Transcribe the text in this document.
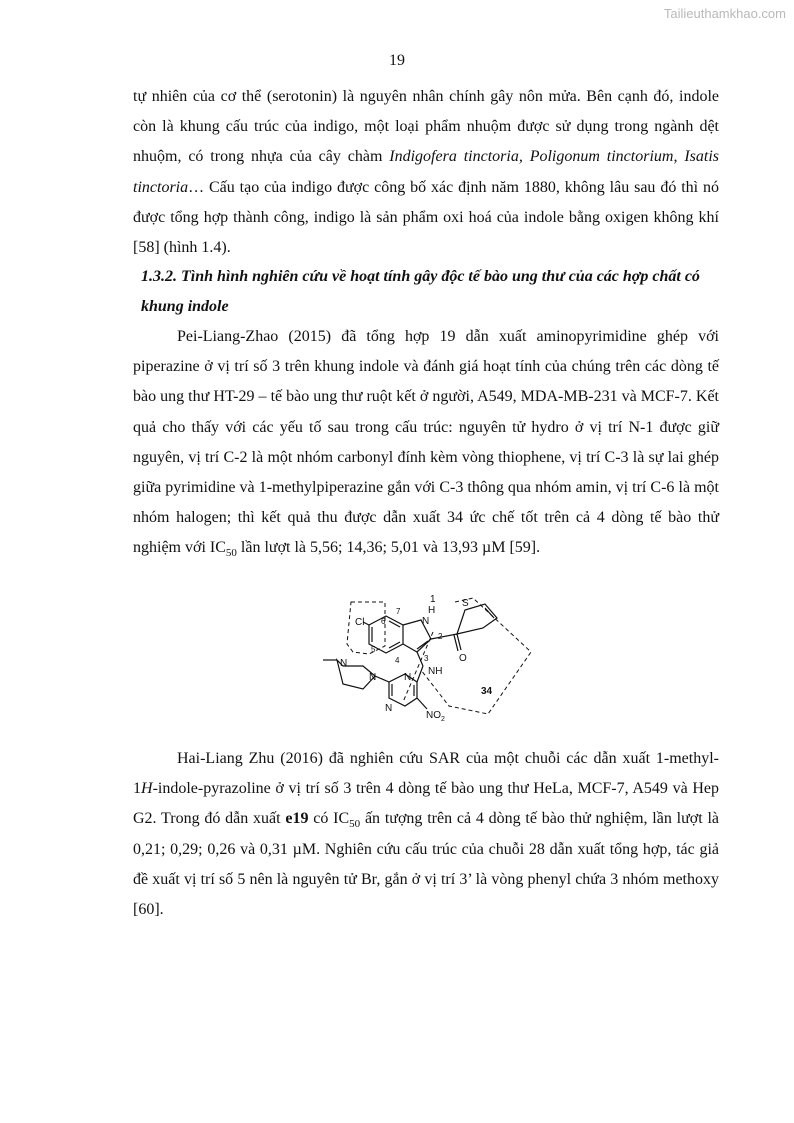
Tailieuthamkhao.com
19
tự nhiên của cơ thể (serotonin) là nguyên nhân chính gây nôn mửa. Bên cạnh đó, indole còn là khung cấu trúc của indigo, một loại phẩm nhuộm được sử dụng trong ngành dệt nhuộm, có trong nhựa của cây chàm Indigofera tinctoria, Poligonum tinctorium, Isatis tinctoria… Cấu tạo của indigo được công bố xác định năm 1880, không lâu sau đó thì nó được tổng hợp thành công, indigo là sản phẩm oxi hoá của indole bằng oxigen không khí [58] (hình 1.4).
1.3.2. Tình hình nghiên cứu về hoạt tính gây độc tế bào ung thư của các hợp chất có khung indole
Pei-Liang-Zhao (2015) đã tổng hợp 19 dẫn xuất aminopyrimidine ghép với piperazine ở vị trí số 3 trên khung indole và đánh giá hoạt tính của chúng trên các dòng tế bào ung thư HT-29 – tế bào ung thư ruột kết ở người, A549, MDA-MB-231 và MCF-7. Kết quả cho thấy với các yếu tố sau trong cấu trúc: nguyên tử hydro ở vị trí N-1 được giữ nguyên, vị trí C-2 là một nhóm carbonyl đính kèm vòng thiophene, vị trí C-3 là sự lai ghép giữa pyrimidine và 1-methylpiperazine gắn với C-3 thông qua nhóm amin, vị trí C-6 là một nhóm halogen; thì kết quả thu được dẫn xuất 34 ức chế tốt trên cả 4 dòng tế bào thử nghiệm với $IC_{50}$ lần lượt là 5,56; 14,36; 5,01 và 13,93 µM [59].
1
H
N
S
7
6
Cl
2
O
5
3
4
NH
N
N	N
N
$NO_2$
34
Hai-Liang Zhu (2016) đã nghiên cứu SAR của một chuỗi các dẫn xuất 1-methyl-1H-indole-pyrazoline ở vị trí số 3 trên 4 dòng tế bào ung thư HeLa, MCF-7, A549 và Hep G2. Trong đó dẫn xuất e19 có $IC_{50}$ ấn tượng trên cả 4 dòng tế bào thử nghiệm, lần lượt là 0,21; 0,29; 0,26 và 0,31 µM. Nghiên cứu cấu trúc của chuỗi 28 dẫn xuất tổng hợp, tác giả đề xuất vị trí số 5 nên là nguyên tử Br, gắn ở vị trí 3’ là vòng phenyl chứa 3 nhóm methoxy [60].
